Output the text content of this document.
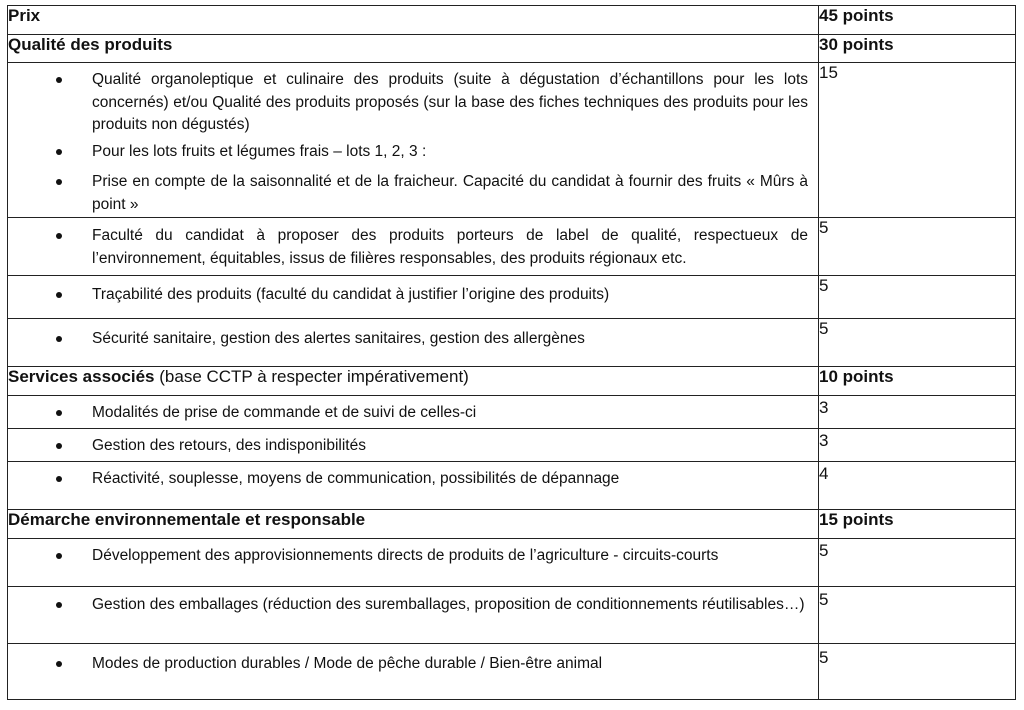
Prix	45 points
Qualité des produits	30 points

Qualité organoleptique et culinaire des produits (suite à dégustation d’échantillons pour les lots concernés) et/ou Qualité des produits proposés (sur la base des fiches techniques des produits pour les produits non dégustés)
Pour les lots fruits et légumes frais – lots 1, 2, 3 :
Prise en compte de la saisonnalité et de la fraicheur. Capacité du candidat à fournir des fruits « Mûrs à point »	15

Faculté du candidat à proposer des produits porteurs de label de qualité, respectueux de l’environnement, équitables, issus de filières responsables, des produits régionaux etc.	5

Traçabilité des produits (faculté du candidat à justifier l’origine des produits)	5

Sécurité sanitaire, gestion des alertes sanitaires, gestion des allergènes	5
Services associés (base CCTP à respecter impérativement)	10 points

Modalités de prise de commande et de suivi de celles-ci	3

Gestion des retours, des indisponibilités	3

Réactivité, souplesse, moyens de communication, possibilités de dépannage	4
Démarche environnementale et responsable	15 points

Développement des approvisionnements directs de produits de l’agriculture - circuits-courts	5

Gestion des emballages (réduction des suremballages, proposition de conditionnements réutilisables…)	5

Modes de production durables / Mode de pêche durable / Bien-être animal	5
